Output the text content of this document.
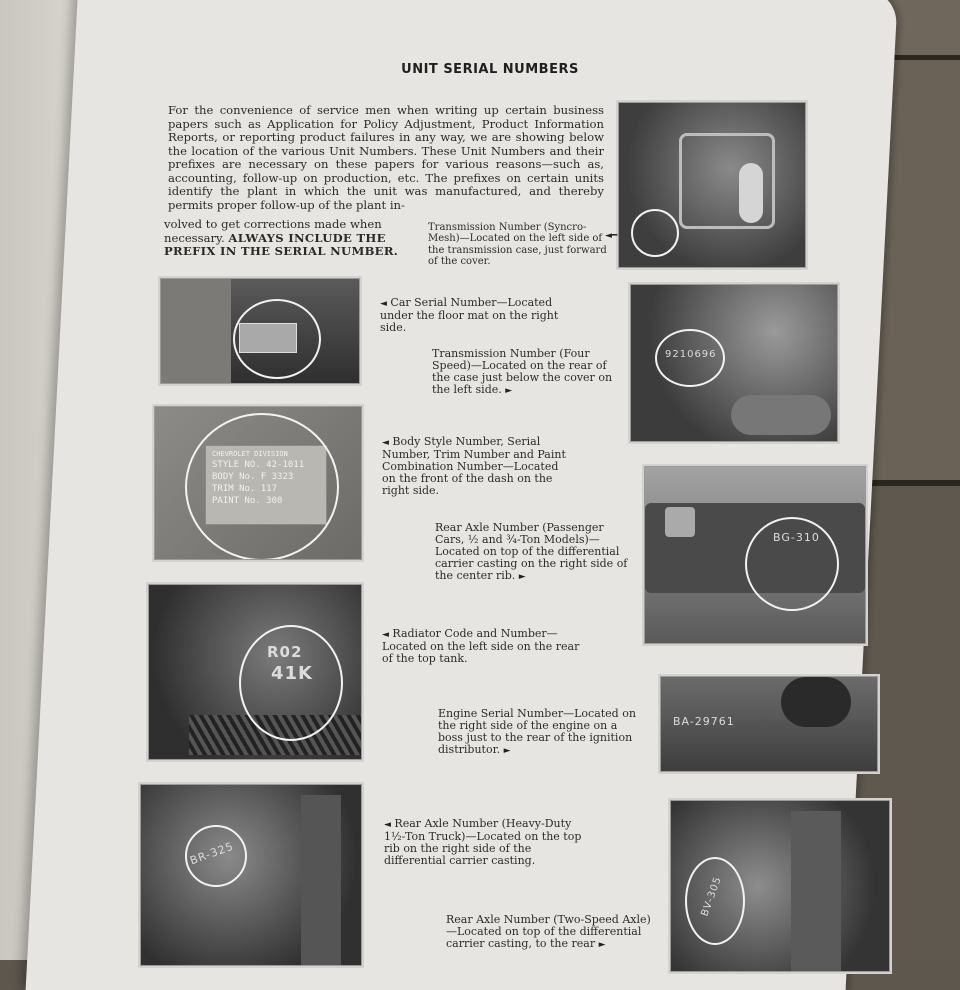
UNIT SERIAL NUMBERS
For the convenience of service men when writing up certain business papers such as Application for Policy Adjustment, Product Information Reports, or reporting product failures in any way, we are showing below the location of the various Unit Numbers. These Unit Numbers and their prefixes are necessary on these papers for various reasons—such as, accounting, follow-up on production, etc. The prefixes on certain units identify the plant in which the unit was manufactured, and thereby permits proper follow-up of the plant in-
volved to get corrections made when necessary. ALWAYS INCLUDE THE PREFIX IN THE SERIAL NUMBER.
Transmission Number (Syncro-Mesh)—Located on the left side of the transmission case, just forward of the cover.
◄━
◄ Car Serial Number—Located under the floor mat on the right side.
9210696
Transmission Number (Four Speed)—Located on the rear of the case just below the cover on the left side. ►
CHEVROLET DIVISION
STYLE NO. 42-1011
BODY No. F 3323
TRIM No. 117
PAINT No. 308
◄ Body Style Number, Serial Number, Trim Number and Paint Combination Number—Located on the front of the dash on the right side.
BG-310
Rear Axle Number (Passenger Cars, ½ and ¾-Ton Models)—Located on top of the differential carrier casting on the right side of the center rib. ►
R02
41K
◄ Radiator Code and Number—Located on the left side on the rear of the top tank.
BA-29761
Engine Serial Number—Located on the right side of the engine on a boss just to the rear of the ignition distributor. ►
BR-325
◄ Rear Axle Number (Heavy-Duty 1½-Ton Truck)—Located on the top rib on the right side of the differential carrier casting.
BV-305
Rear Axle Number (Two-Speed Axle)—Located on top of the differential carrier casting, to the rear ►
